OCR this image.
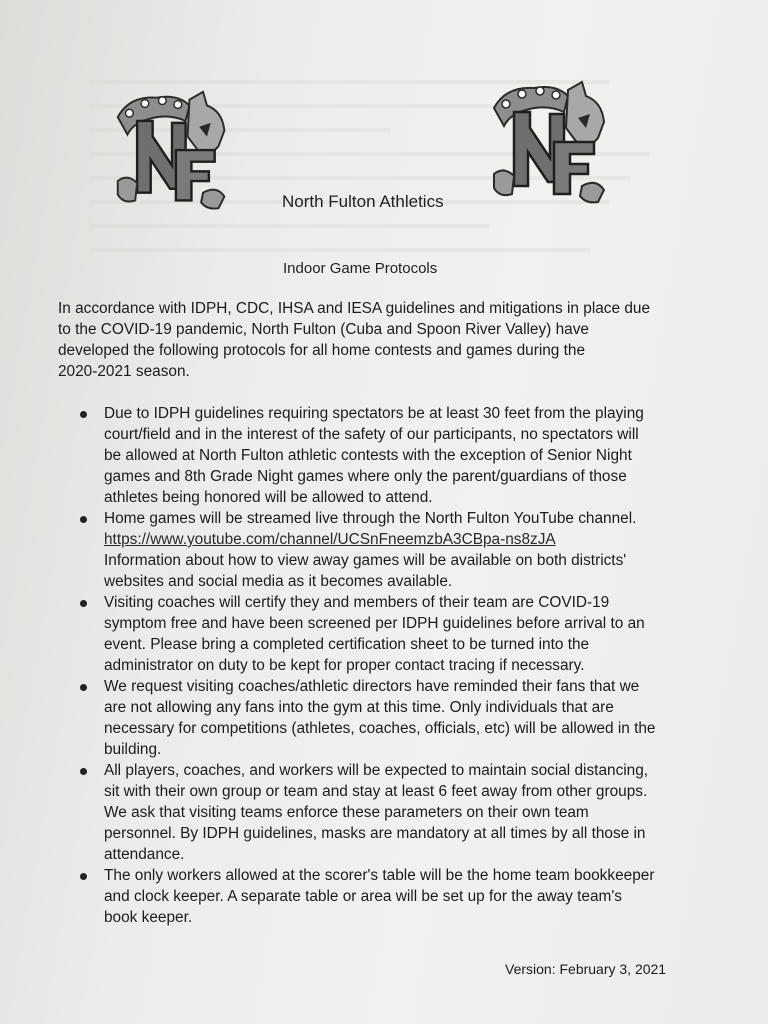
North Fulton Athletics
Indoor Game Protocols

In accordance with IDPH, CDC, IHSA and IESA guidelines and mitigations in place due
to the COVID-19 pandemic, North Fulton (Cuba and Spoon River Valley) have
developed the following protocols for all home contests and games during the
2020-2021 season.

Due to IDPH guidelines requiring spectators be at least 30 feet from the playing
court/field and in the interest of the safety of our participants, no spectators will
be allowed at North Fulton athletic contests with the exception of Senior Night
games and 8th Grade Night games where only the parent/guardians of those
athletes being honored will be allowed to attend.
Home games will be streamed live through the North Fulton YouTube channel.
https://www.youtube.com/channel/UCSnFneemzbA3CBpa-ns8zJA
Information about how to view away games will be available on both districts'
websites and social media as it becomes available.
Visiting coaches will certify they and members of their team are COVID-19
symptom free and have been screened per IDPH guidelines before arrival to an
event. Please bring a completed certification sheet to be turned into the
administrator on duty to be kept for proper contact tracing if necessary.
We request visiting coaches/athletic directors have reminded their fans that we
are not allowing any fans into the gym at this time. Only individuals that are
necessary for competitions (athletes, coaches, officials, etc) will be allowed in the
building.
All players, coaches, and workers will be expected to maintain social distancing,
sit with their own group or team and stay at least 6 feet away from other groups.
We ask that visiting teams enforce these parameters on their own team
personnel. By IDPH guidelines, masks are mandatory at all times by all those in
attendance.
The only workers allowed at the scorer's table will be the home team bookkeeper
and clock keeper. A separate table or area will be set up for the away team's
book keeper.
Version: February 3, 2021
